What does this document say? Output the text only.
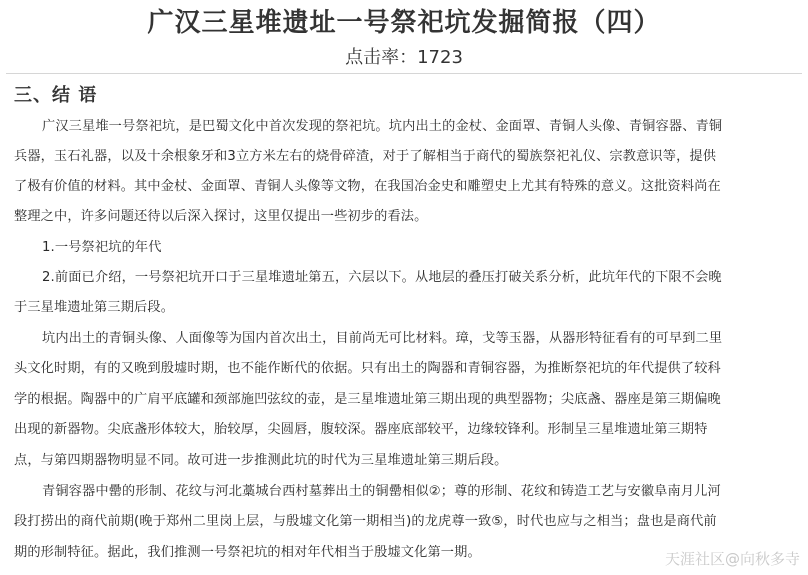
广汉三星堆遗址一号祭祀坑发掘简报（四）
点击率：1723
三、结 语
广汉三星堆一号祭祀坑，是巴蜀文化中首次发现的祭祀坑。坑内出土的金杖、金面罩、青铜人头像、青铜容器、青铜
兵器，玉石礼器，以及十余根象牙和3立方米左右的烧骨碎渣，对于了解相当于商代的蜀族祭祀礼仪、宗教意识等，提供
了极有价值的材料。其中金杖、金面罩、青铜人头像等文物，在我国冶金史和雕塑史上尤其有特殊的意义。这批资料尚在
整理之中，许多问题还待以后深入探讨，这里仅提出一些初步的看法。
1.一号祭祀坑的年代
2.前面已介绍，一号祭祀坑开口于三星堆遗址第五，六层以下。从地层的叠压打破关系分析，此坑年代的下限不会晚
于三星堆遗址第三期后段。
坑内出土的青铜头像、人面像等为国内首次出土，目前尚无可比材料。璋，戈等玉器，从器形特征看有的可早到二里
头文化时期，有的又晚到殷墟时期，也不能作断代的依据。只有出土的陶器和青铜容器，为推断祭祀坑的年代提供了较科
学的根据。陶器中的广肩平底罐和颈部施凹弦纹的壶，是三星堆遗址第三期出现的典型器物；尖底盏、器座是第三期偏晚
出现的新器物。尖底盏形体较大，胎较厚，尖圆唇，腹较深。器座底部较平，边缘较锋利。形制呈三星堆遗址第三期特
点，与第四期器物明显不同。故可进一步推测此坑的时代为三星堆遗址第三期后段。
青铜容器中罍的形制、花纹与河北藁城台西村墓葬出土的铜罍相似②；尊的形制、花纹和铸造工艺与安徽阜南月儿河
段打捞出的商代前期(晚于郑州二里岗上层，与殷墟文化第一期相当)的龙虎尊一致⑤，时代也应与之相当；盘也是商代前
期的形制特征。据此，我们推测一号祭祀坑的相对年代相当于殷墟文化第一期。	天涯社区@向秋多寺
